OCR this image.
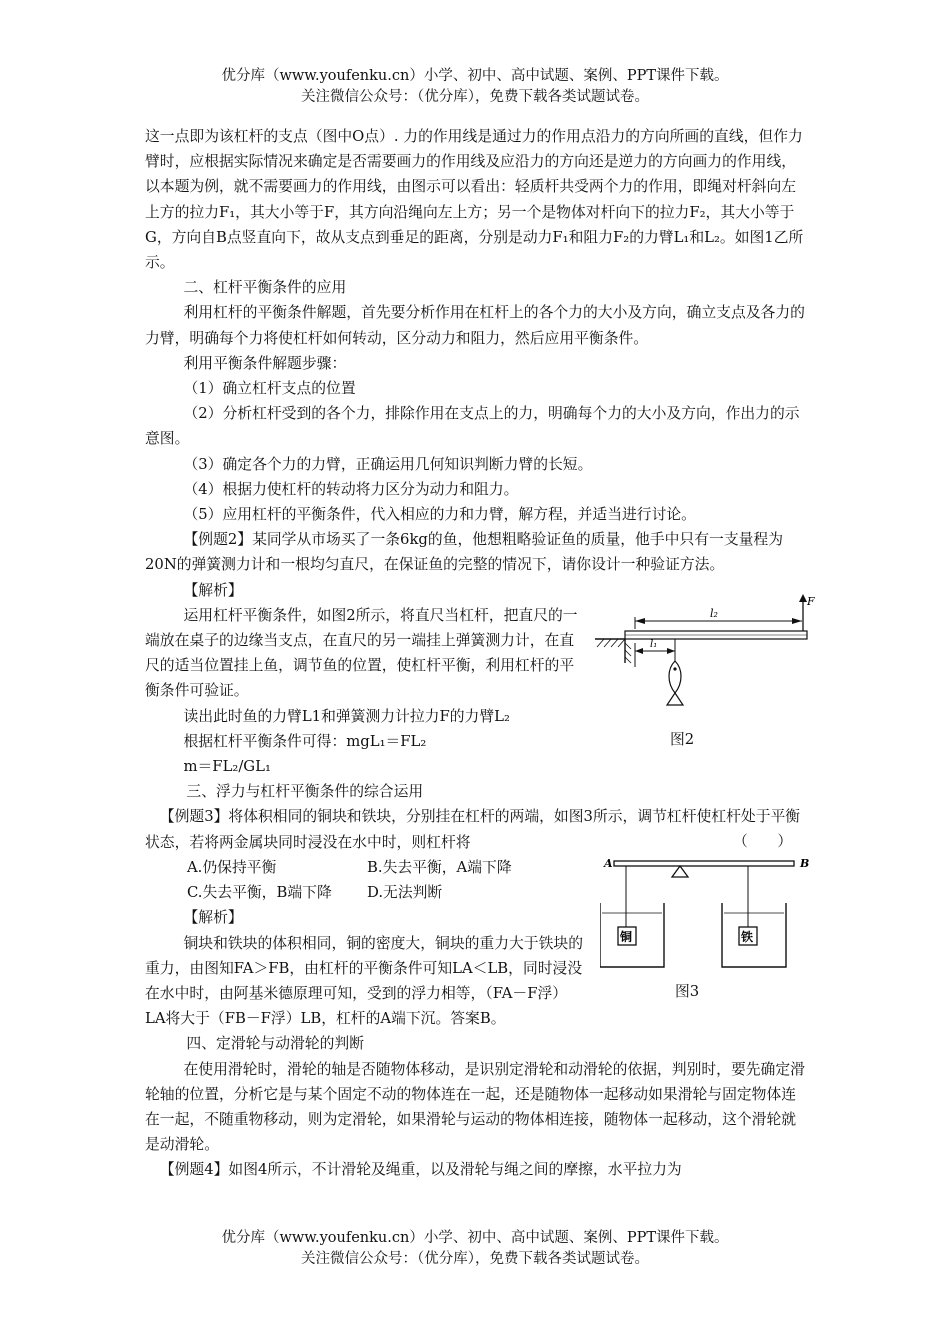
优分库（www.youfenku.cn）小学、初中、高中试题、案例、PPT课件下载。
关注微信公众号：（优分库），免费下载各类试题试卷。

这一点即为该杠杆的支点（图中O点）. 力的作用线是通过力的作用点沿力的方向所画的直线，但作力臂时，应根据实际情况来确定是否需要画力的作用线及应沿力的方向还是逆力的方向画力的作用线，以本题为例，就不需要画力的作用线，由图示可以看出：轻质杆共受两个力的作用，即绳对杆斜向左上方的拉力F₁，其大小等于F，其方向沿绳向左上方；另一个是物体对杆向下的拉力F₂，其大小等于G，方向自B点竖直向下，故从支点到垂足的距离，分别是动力F₁和阻力F₂的力臂L₁和L₂。如图1乙所示。

二、杠杆平衡条件的应用

利用杠杆的平衡条件解题，首先要分析作用在杠杆上的各个力的大小及方向，确立支点及各力的力臂，明确每个力将使杠杆如何转动，区分动力和阻力，然后应用平衡条件。

利用平衡条件解题步骤：

（1）确立杠杆支点的位置

（2）分析杠杆受到的各个力，排除作用在支点上的力，明确每个力的大小及方向，作出力的示意图。

（3）确定各个力的力臂，正确运用几何知识判断力臂的长短。

（4）根据力使杠杆的转动将力区分为动力和阻力。

（5）应用杠杆的平衡条件，代入相应的力和力臂，解方程，并适当进行讨论。

【例题2】某同学从市场买了一条6kg的鱼，他想粗略验证鱼的质量，他手中只有一支量程为20N的弹簧测力计和一根均匀直尺，在保证鱼的完整的情况下，请你设计一种验证方法。

【解析】

运用杠杆平衡条件，如图2所示，将直尺当杠杆，把直尺的一端放在桌子的边缘当支点，在直尺的另一端挂上弹簧测力计，在直尺的适当位置挂上鱼，调节鱼的位置，使杠杆平衡，利用杠杆的平衡条件可验证。

读出此时鱼的力臂L1和弹簧测力计拉力F的力臂L₂

根据杠杆平衡条件可得：mgL₁＝FL₂

m＝FL₂/GL₁

F
l₂
l₁
图2

三、浮力与杠杆平衡条件的综合运用

【例题3】将体积相同的铜块和铁块，分别挂在杠杆的两端，如图3所示，调节杠杆使杠杆处于平衡状态，若将两金属块同时浸没在水中时，则杠杆将	（　　）
A.仍保持平衡	B.失去平衡，A端下降
C.失去平衡，B端下降 D.无法判断

【解析】

铜块和铁块的体积相同，铜的密度大，铜块的重力大于铁块的重力，由图知FA＞FB，由杠杆的平衡条件可知LA＜LB，同时浸没在水中时，由阿基米德原理可知，受到的浮力相等，（FA－F浮）LA将大于（FB－F浮）LB，杠杆的A端下沉。答案B。

A	B
铜	铁
图3

四、定滑轮与动滑轮的判断

在使用滑轮时，滑轮的轴是否随物体移动，是识别定滑轮和动滑轮的依据，判别时，要先确定滑轮轴的位置，分析它是与某个固定不动的物体连在一起，还是随物体一起移动如果滑轮与固定物体连在一起，不随重物移动，则为定滑轮，如果滑轮与运动的物体相连接，随物体一起移动，这个滑轮就是动滑轮。

【例题4】如图4所示，不计滑轮及绳重，以及滑轮与绳之间的摩擦，水平拉力为

优分库（www.youfenku.cn）小学、初中、高中试题、案例、PPT课件下载。
关注微信公众号：（优分库），免费下载各类试题试卷。
